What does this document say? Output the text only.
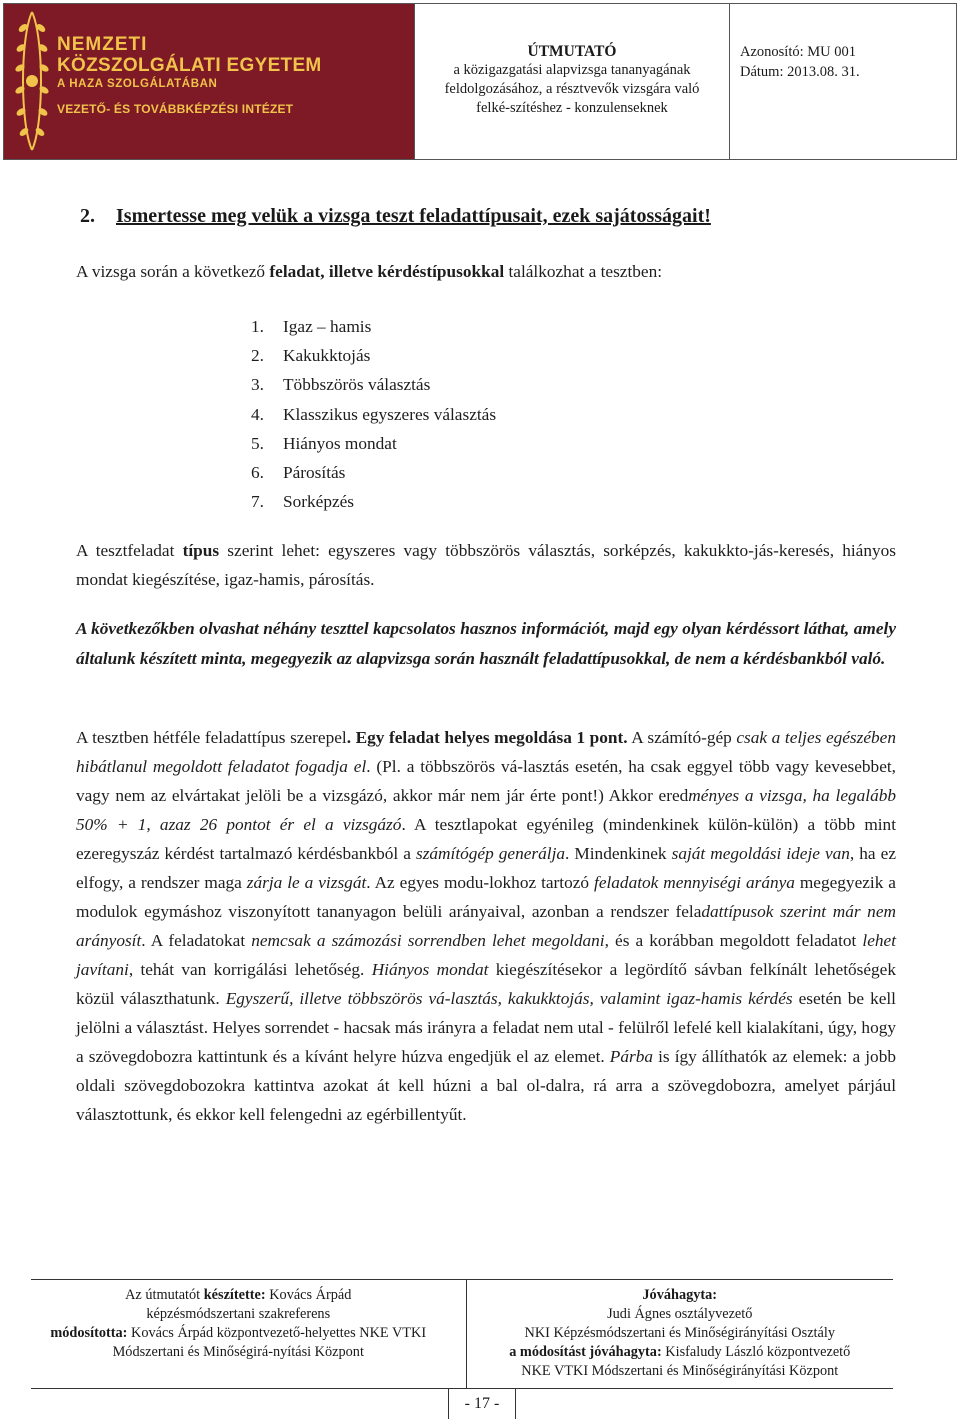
NEMZETI
KÖZSZOLGÁLATI EGYETEM
A HAZA SZOLGÁLATÁBAN
VEZETŐ- ÉS TOVÁBBKÉPZÉSI INTÉZET
ÚTMUTATÓ
a közigazgatási alapvizsga tananyagának feldolgozásához, a résztvevők vizsgára való felké-szítéshez - konzulenseknek
Azonosító: MU 001
Dátum: 2013.08. 31.
2. Ismertesse meg velük a vizsga teszt feladattípusait, ezek sajátosságait!
A vizsga során a következő feladat, illetve kérdéstípusokkal találkozhat a tesztben:
1. Igaz – hamis
2. Kakukktojás
3. Többszörös választás
4. Klasszikus egyszeres választás
5. Hiányos mondat
6. Párosítás
7. Sorképzés
A tesztfeladat típus szerint lehet: egyszeres vagy többszörös választás, sorképzés, kakukkto-jás-keresés, hiányos mondat kiegészítése, igaz-hamis, párosítás.
A következőkben olvashat néhány teszttel kapcsolatos hasznos információt, majd egy olyan kérdéssort láthat, amely általunk készített minta, megegyezik az alapvizsga során használt feladattípusokkal, de nem a kérdésbankból való.
A tesztben hétféle feladattípus szerepel. Egy feladat helyes megoldása 1 pont. A számító-gép csak a teljes egészében hibátlanul megoldott feladatot fogadja el. (Pl. a többszörös vá-lasztás esetén, ha csak eggyel több vagy kevesebbet, vagy nem az elvártakat jelöli be a vizsgázó, akkor már nem jár érte pont!) Akkor eredményes a vizsga, ha legalább 50% + 1, azaz 26 pontot ér el a vizsgázó. A tesztlapokat egyénileg (mindenkinek külön-külön) a több mint ezeregyszáz kérdést tartalmazó kérdésbankból a számítógép generálja. Mindenkinek saját megoldási ideje van, ha ez elfogy, a rendszer maga zárja le a vizsgát. Az egyes modu-lokhoz tartozó feladatok mennyiségi aránya megegyezik a modulok egymáshoz viszonyított tananyagon belüli arányaival, azonban a rendszer feladattípusok szerint már nem arányosít. A feladatokat nemcsak a számozási sorrendben lehet megoldani, és a korábban megoldott feladatot lehet javítani, tehát van korrigálási lehetőség. Hiányos mondat kiegészítésekor a legördítő sávban felkínált lehetőségek közül választhatunk. Egyszerű, illetve többszörös vá-lasztás, kakukktojás, valamint igaz-hamis kérdés esetén be kell jelölni a választást. Helyes sorrendet - hacsak más irányra a feladat nem utal - felülről lefelé kell kialakítani, úgy, hogy a szövegdobozra kattintunk és a kívánt helyre húzva engedjük el az elemet. Párba is így állíthatók az elemek: a jobb oldali szövegdobozokra kattintva azokat át kell húzni a bal ol-dalra, rá arra a szövegdobozra, amelyet párjául választottunk, és ekkor kell felengedni az egérbillentyűt.
Az útmutatót készítette: Kovács Árpád
képzésmódszertani szakreferens
módosította: Kovács Árpád központvezető-helyettes NKE VTKI Módszertani és Minőségirá-nyítási Központ
Jóváhagyta:
Judi Ágnes osztályvezető
NKI Képzésmódszertani és Minőségirányítási Osztály
a módosítást jóváhagyta: Kisfaludy László központvezető
NKE VTKI Módszertani és Minőségirányítási Központ
- 17 -
